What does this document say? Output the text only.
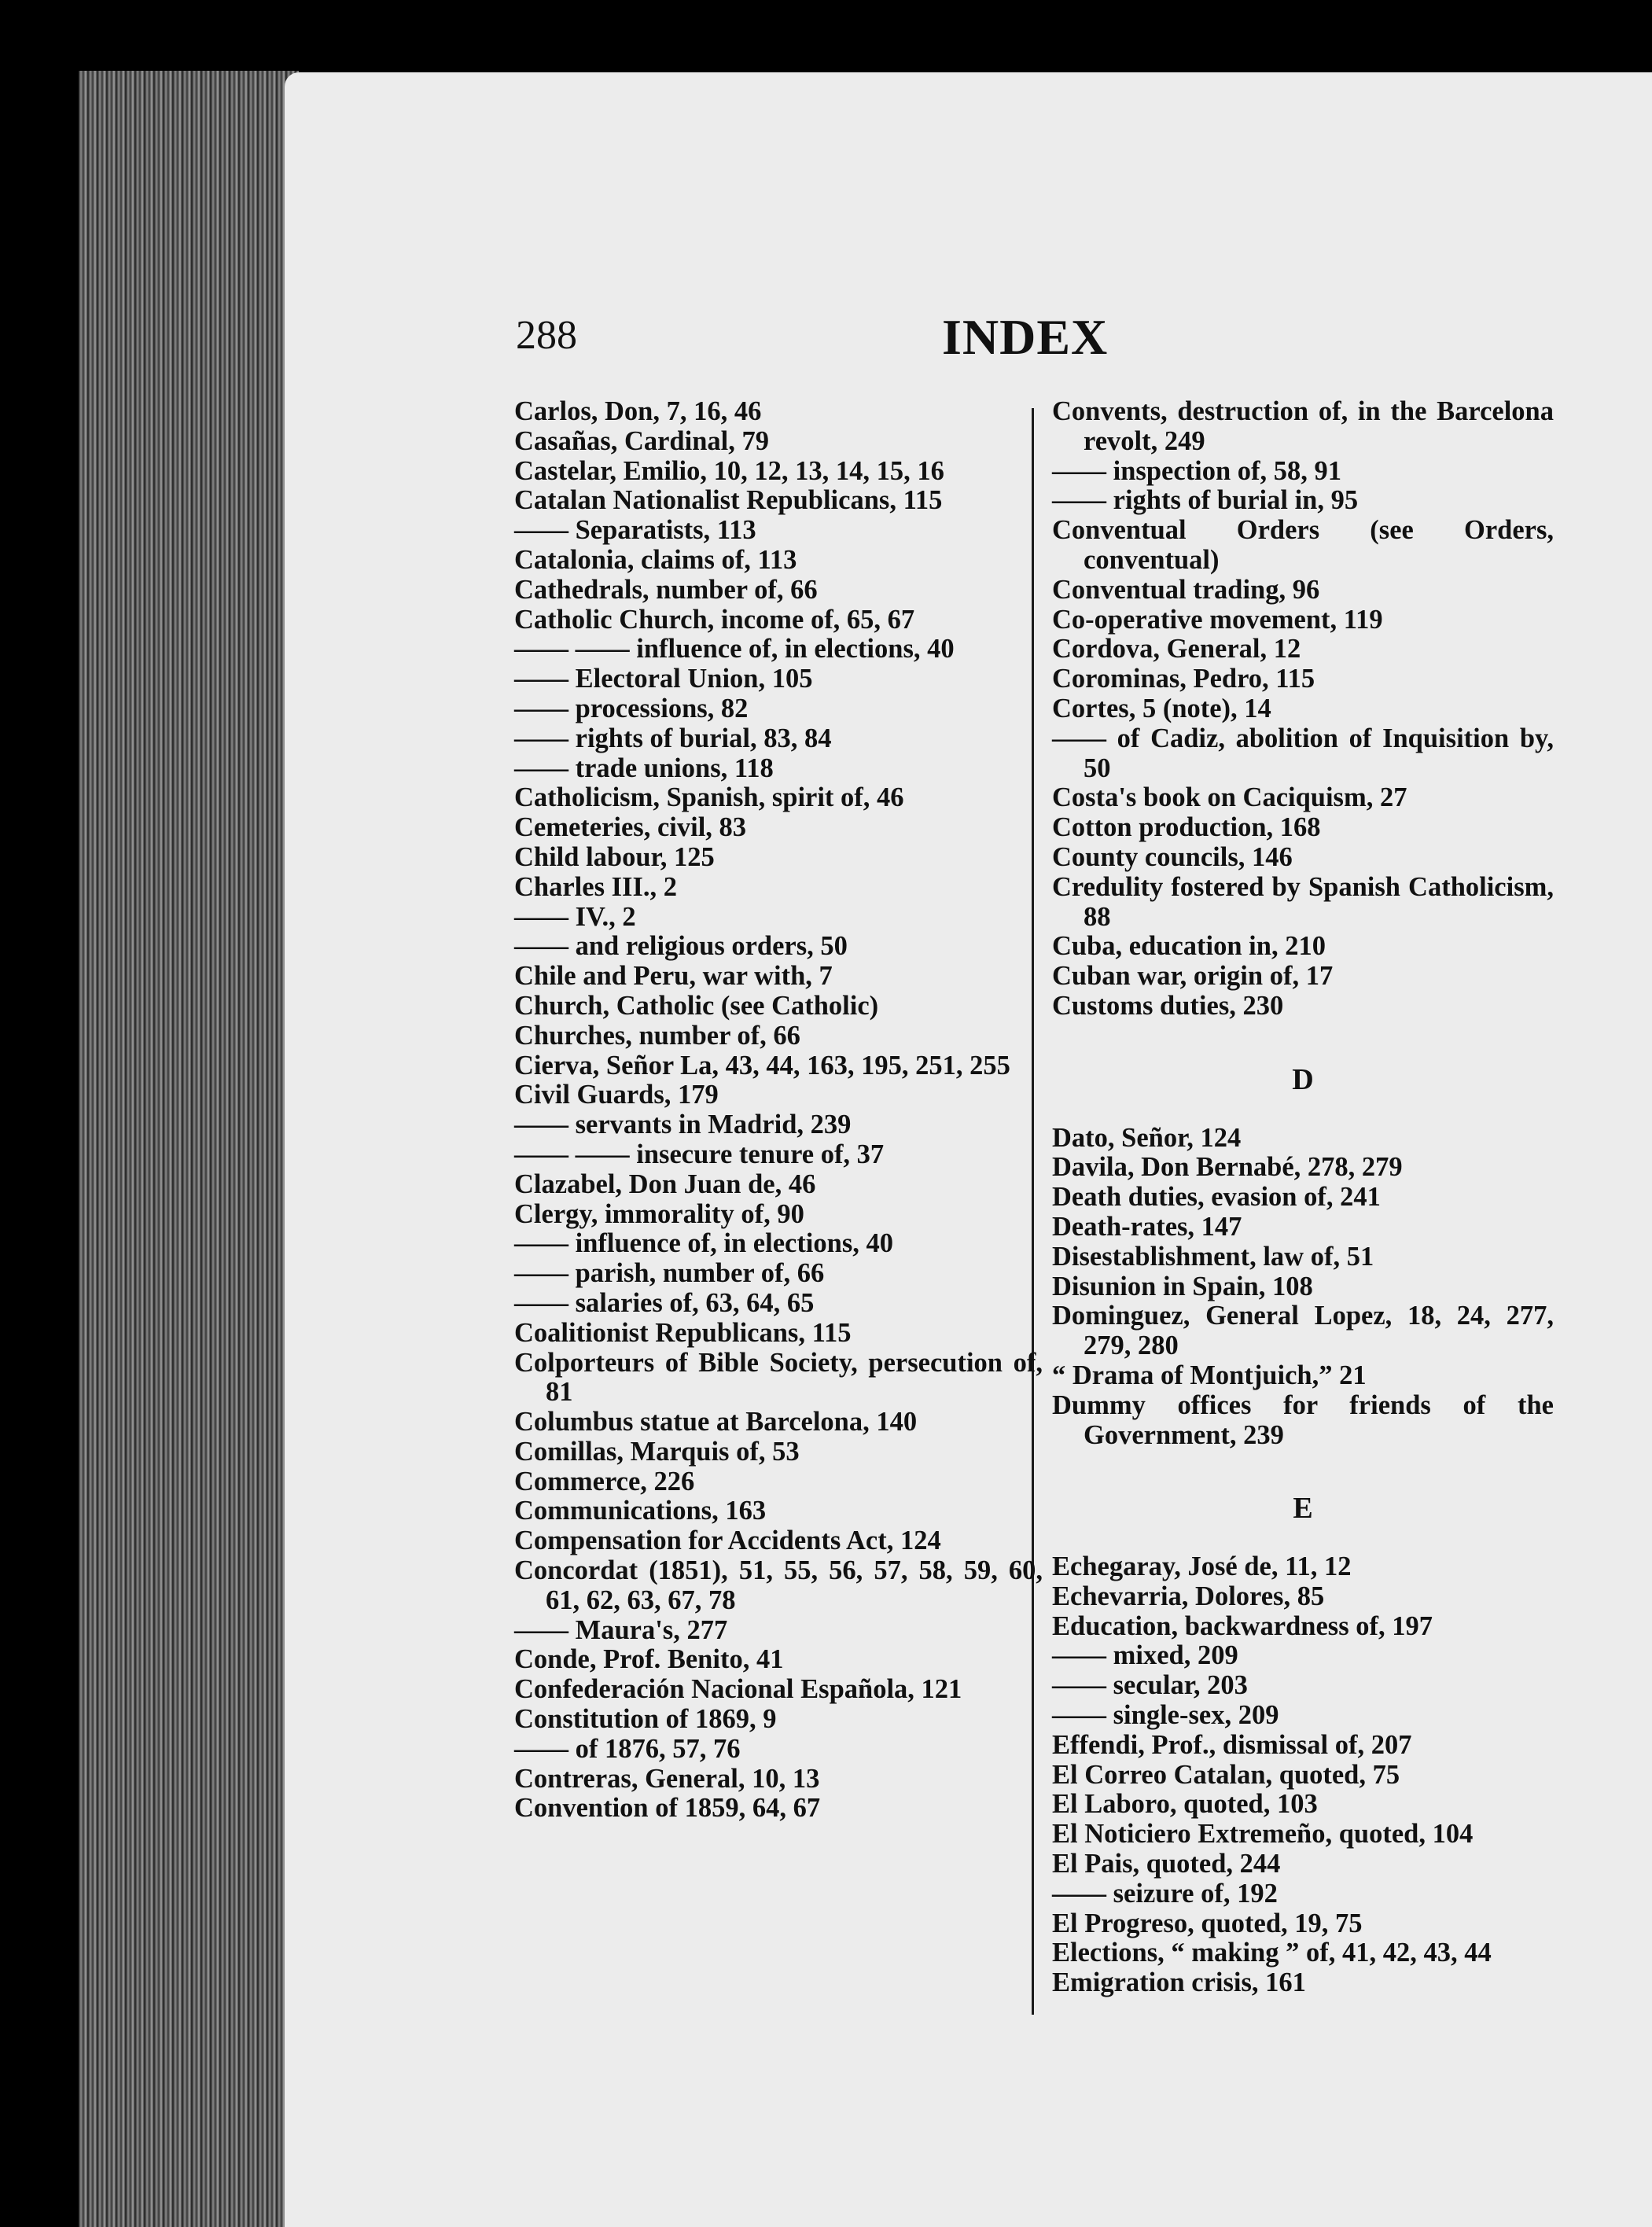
288	INDEX

Carlos, Don, 7, 16, 46

Casañas, Cardinal, 79

Castelar, Emilio, 10, 12, 13, 14, 15, 16

Catalan Nationalist Republicans, 115

—— Separatists, 113

Catalonia, claims of, 113

Cathedrals, number of, 66

Catholic Church, income of, 65, 67

—— —— influence of, in elections, 40

—— Electoral Union, 105

—— processions, 82

—— rights of burial, 83, 84

—— trade unions, 118

Catholicism, Spanish, spirit of, 46

Cemeteries, civil, 83

Child labour, 125

Charles III., 2

—— IV., 2

—— and religious orders, 50

Chile and Peru, war with, 7

Church, Catholic (see Catholic)

Churches, number of, 66

Cierva, Señor La, 43, 44, 163, 195, 251, 255

Civil Guards, 179

—— servants in Madrid, 239

—— —— insecure tenure of, 37

Clazabel, Don Juan de, 46

Clergy, immorality of, 90

—— influence of, in elections, 40

—— parish, number of, 66

—— salaries of, 63, 64, 65

Coalitionist Republicans, 115

Colporteurs of Bible Society, persecution of, 81

Columbus statue at Barcelona, 140

Comillas, Marquis of, 53

Commerce, 226

Communications, 163

Compensation for Accidents Act, 124

Concordat (1851), 51, 55, 56, 57, 58, 59, 60, 61, 62, 63, 67, 78

—— Maura's, 277

Conde, Prof. Benito, 41

Confederación Nacional Española, 121

Constitution of 1869, 9

—— of 1876, 57, 76

Contreras, General, 10, 13

Convention of 1859, 64, 67

Convents, destruction of, in the Barcelona revolt, 249

—— inspection of, 58, 91

—— rights of burial in, 95

Conventual Orders (see Orders, conventual)

Conventual trading, 96

Co-operative movement, 119

Cordova, General, 12

Corominas, Pedro, 115

Cortes, 5 (note), 14

—— of Cadiz, abolition of Inquisition by, 50

Costa's book on Caciquism, 27

Cotton production, 168

County councils, 146

Credulity fostered by Spanish Catholicism, 88

Cuba, education in, 210

Cuban war, origin of, 17

Customs duties, 230

D

Dato, Señor, 124

Davila, Don Bernabé, 278, 279

Death duties, evasion of, 241

Death-rates, 147

Disestablishment, law of, 51

Disunion in Spain, 108

Dominguez, General Lopez, 18, 24, 277, 279, 280

“ Drama of Montjuich,” 21

Dummy offices for friends of the Government, 239

E

Echegaray, José de, 11, 12

Echevarria, Dolores, 85

Education, backwardness of, 197

—— mixed, 209

—— secular, 203

—— single-sex, 209

Effendi, Prof., dismissal of, 207

El Correo Catalan, quoted, 75

El Laboro, quoted, 103

El Noticiero Extremeño, quoted, 104

El Pais, quoted, 244

—— seizure of, 192

El Progreso, quoted, 19, 75

Elections, “ making ” of, 41, 42, 43, 44

Emigration crisis, 161
